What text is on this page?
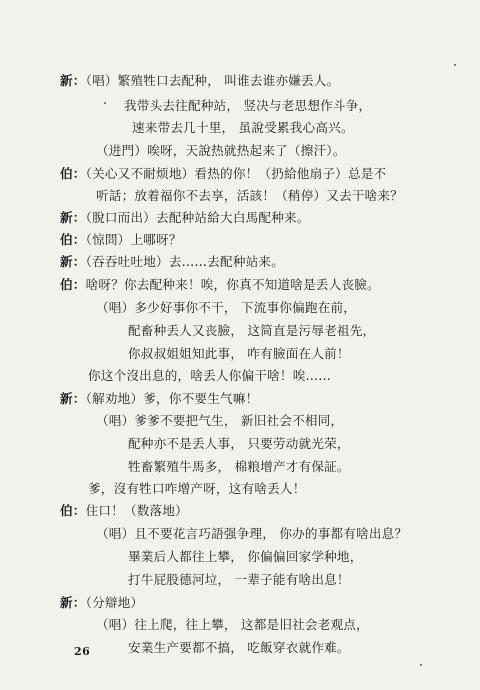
新：（唱）繁殖牲口去配种， 叫谁去谁亦嫌丢人。
我带头去往配种站， 竖决与老思想作斗争，
速来带去几十里， 虽說受累我心高兴。
（进門）唉呀，天說热就热起来了（擦汗）。
伯：（关心又不耐烦地）看热的你！（扔給他扇子）总是不
听話；放着福你不去享，活該！（稍停）又去干啥来？
新：（脫口而出）去配种站給大白馬配种来。
伯：（惊問）上哪呀？
新：（吞吞吐吐地）去……去配种站来。
伯：啥呀？你去配种来！唉，你真不知道啥是丢人丧臉。
（唱）多少好事你不干， 下流事你偏跑在前，
配畜种丢人又丧臉， 这简直是污辱老祖先，
你叔叔姐姐知此事， 咋有臉面在人前！
你这个沒出息的，啥丢人你偏干啥！唉……
新：（解劝地）爹，你不要生气嘛！
（唱）爹爹不要把气生， 新旧社会不相同，
配种亦不是丢人事， 只要劳动就光荣，
牲畜繁殖牛馬多， 棉粮增产才有保証。
爹，沒有牲口咋增产呀，这有啥丢人！
伯：住口！（数落地）
（唱）且不要花言巧語强争理， 你办的事都有啥出息？
畢業后人都往上攀， 你偏偏回家学种地，
打牛屁股德河垃， 一辈子能有啥出息！
新：（分辯地）
（唱）往上爬，往上攀， 这都是旧社会老观点，
安業生产要都不搞， 吃飯穿衣就作难。
26
